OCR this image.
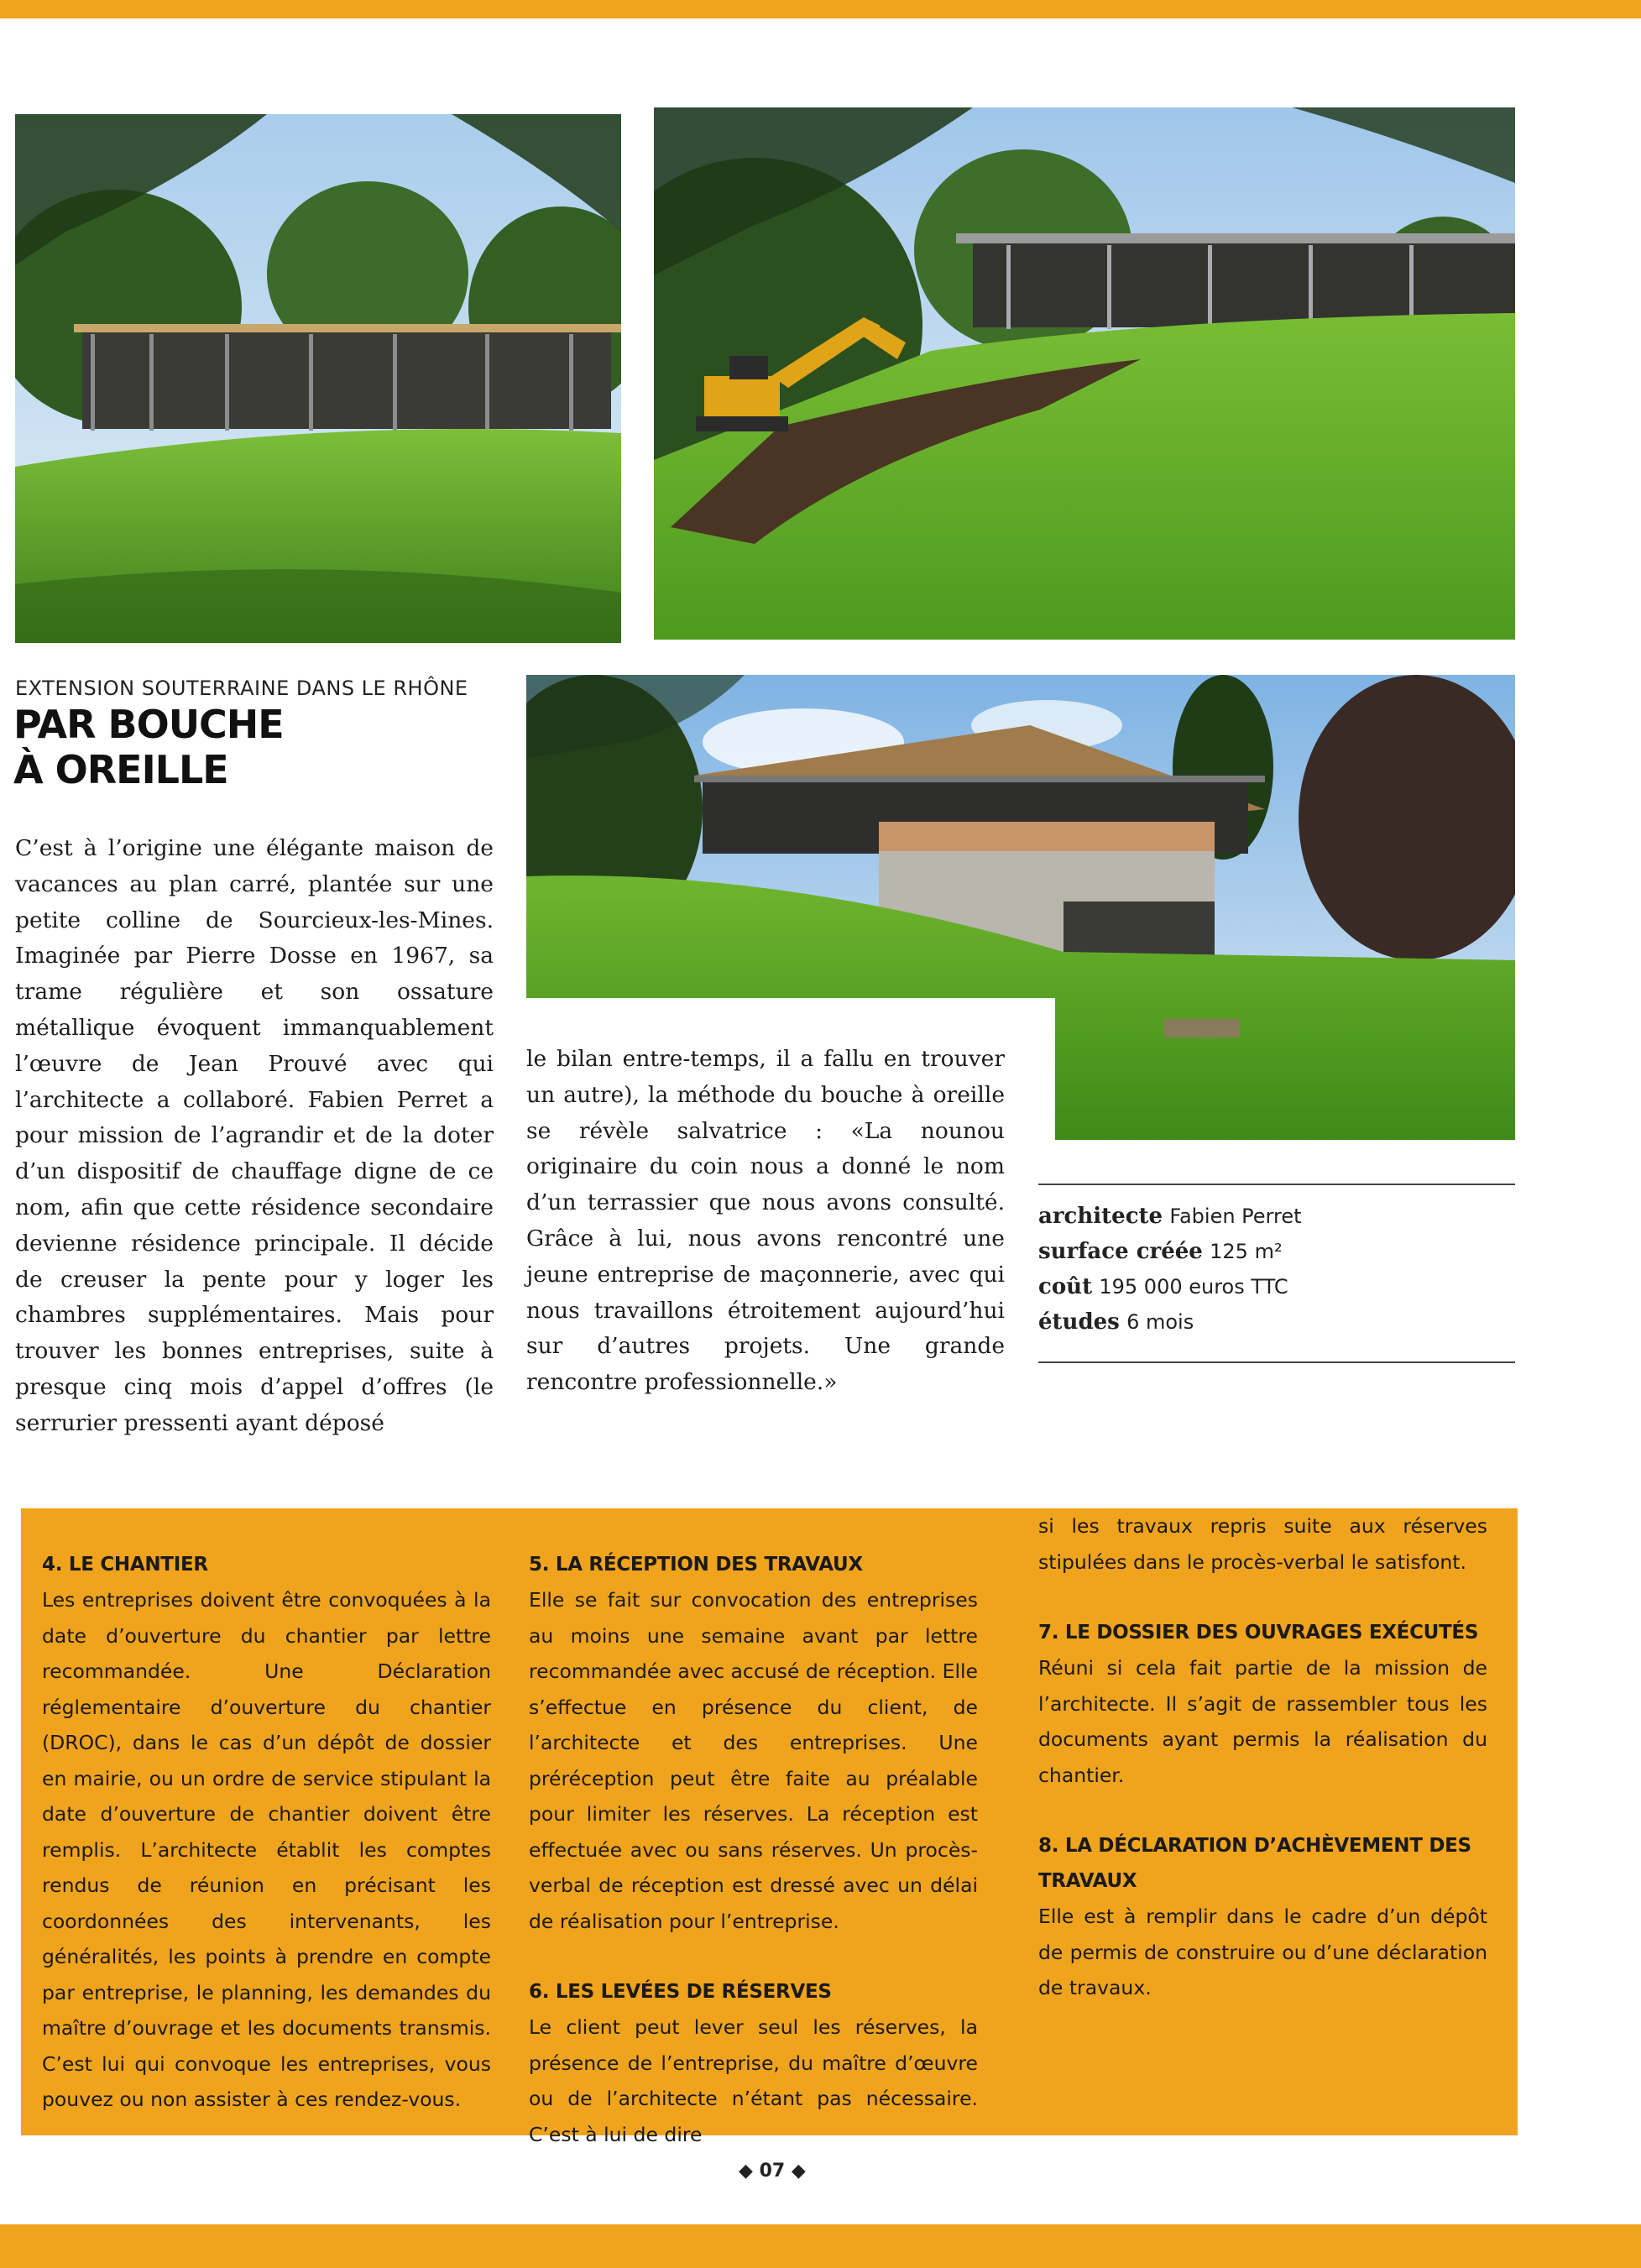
EXTENSION SOUTERRAINE DANS LE RHÔNE
PAR BOUCHE
À OREILLE

C’est à l’origine une élégante maison de vacances au plan carré, plantée sur une petite colline de Sourcieux-les-Mines. Imaginée par Pierre Dosse en 1967, sa trame régulière et son ossature métallique évoquent immanquablement l’œuvre de Jean Prouvé avec qui l’architecte a collaboré. Fabien Perret a pour mission de l’agrandir et de la doter d’un dispositif de chauffage digne de ce nom, afin que cette résidence secondaire devienne résidence principale. Il décide de creuser la pente pour y loger les chambres supplémentaires. Mais pour trouver les bonnes entreprises, suite à presque cinq mois d’appel d’offres (le serrurier pressenti ayant déposé

le bilan entre-temps, il a fallu en trouver un autre), la méthode du bouche à oreille se révèle salvatrice : «La nounou originaire du coin nous a donné le nom d’un terrassier que nous avons consulté. Grâce à lui, nous avons rencontré une jeune entreprise de maçonnerie, avec qui nous travaillons étroitement aujourd’hui sur d’autres projets. Une grande rencontre professionnelle.»

architecte Fabien Perret
surface créée 125 m²
coût 195 000 euros TTC
études 6 mois
4. LE CHANTIER

Les entreprises doivent être convoquées à la date d’ouverture du chantier par lettre recommandée. Une Déclaration réglementaire d’ouverture du chantier (DROC), dans le cas d’un dépôt de dossier en mairie, ou un ordre de service stipulant la date d’ouverture de chantier doivent être remplis. L’architecte établit les comptes rendus de réunion en précisant les coordonnées des intervenants, les généralités, les points à prendre en compte par entreprise, le planning, les demandes du maître d’ouvrage et les documents transmis. C’est lui qui convoque les entreprises, vous pouvez ou non assister à ces rendez-vous.

5. LA RÉCEPTION DES TRAVAUX

Elle se fait sur convocation des entreprises au moins une semaine avant par lettre recommandée avec accusé de réception. Elle s’effectue en présence du client, de l’architecte et des entreprises. Une préréception peut être faite au préalable pour limiter les réserves. La réception est effectuée avec ou sans réserves. Un procès-verbal de réception est dressé avec un délai de réalisation pour l’entreprise.

6. LES LEVÉES DE RÉSERVES

Le client peut lever seul les réserves, la présence de l’entreprise, du maître d’œuvre ou de l’architecte n’étant pas nécessaire. C’est à lui de dire

si les travaux repris suite aux réserves stipulées dans le procès-verbal le satisfont.

7. LE DOSSIER DES OUVRAGES EXÉCUTÉS

Réuni si cela fait partie de la mission de l’architecte. Il s’agit de rassembler tous les documents ayant permis la réalisation du chantier.

8. LA DÉCLARATION D’ACHÈVEMENT DES TRAVAUX

Elle est à remplir dans le cadre d’un dépôt de permis de construire ou d’une déclaration de travaux.

◆ 07 ◆
